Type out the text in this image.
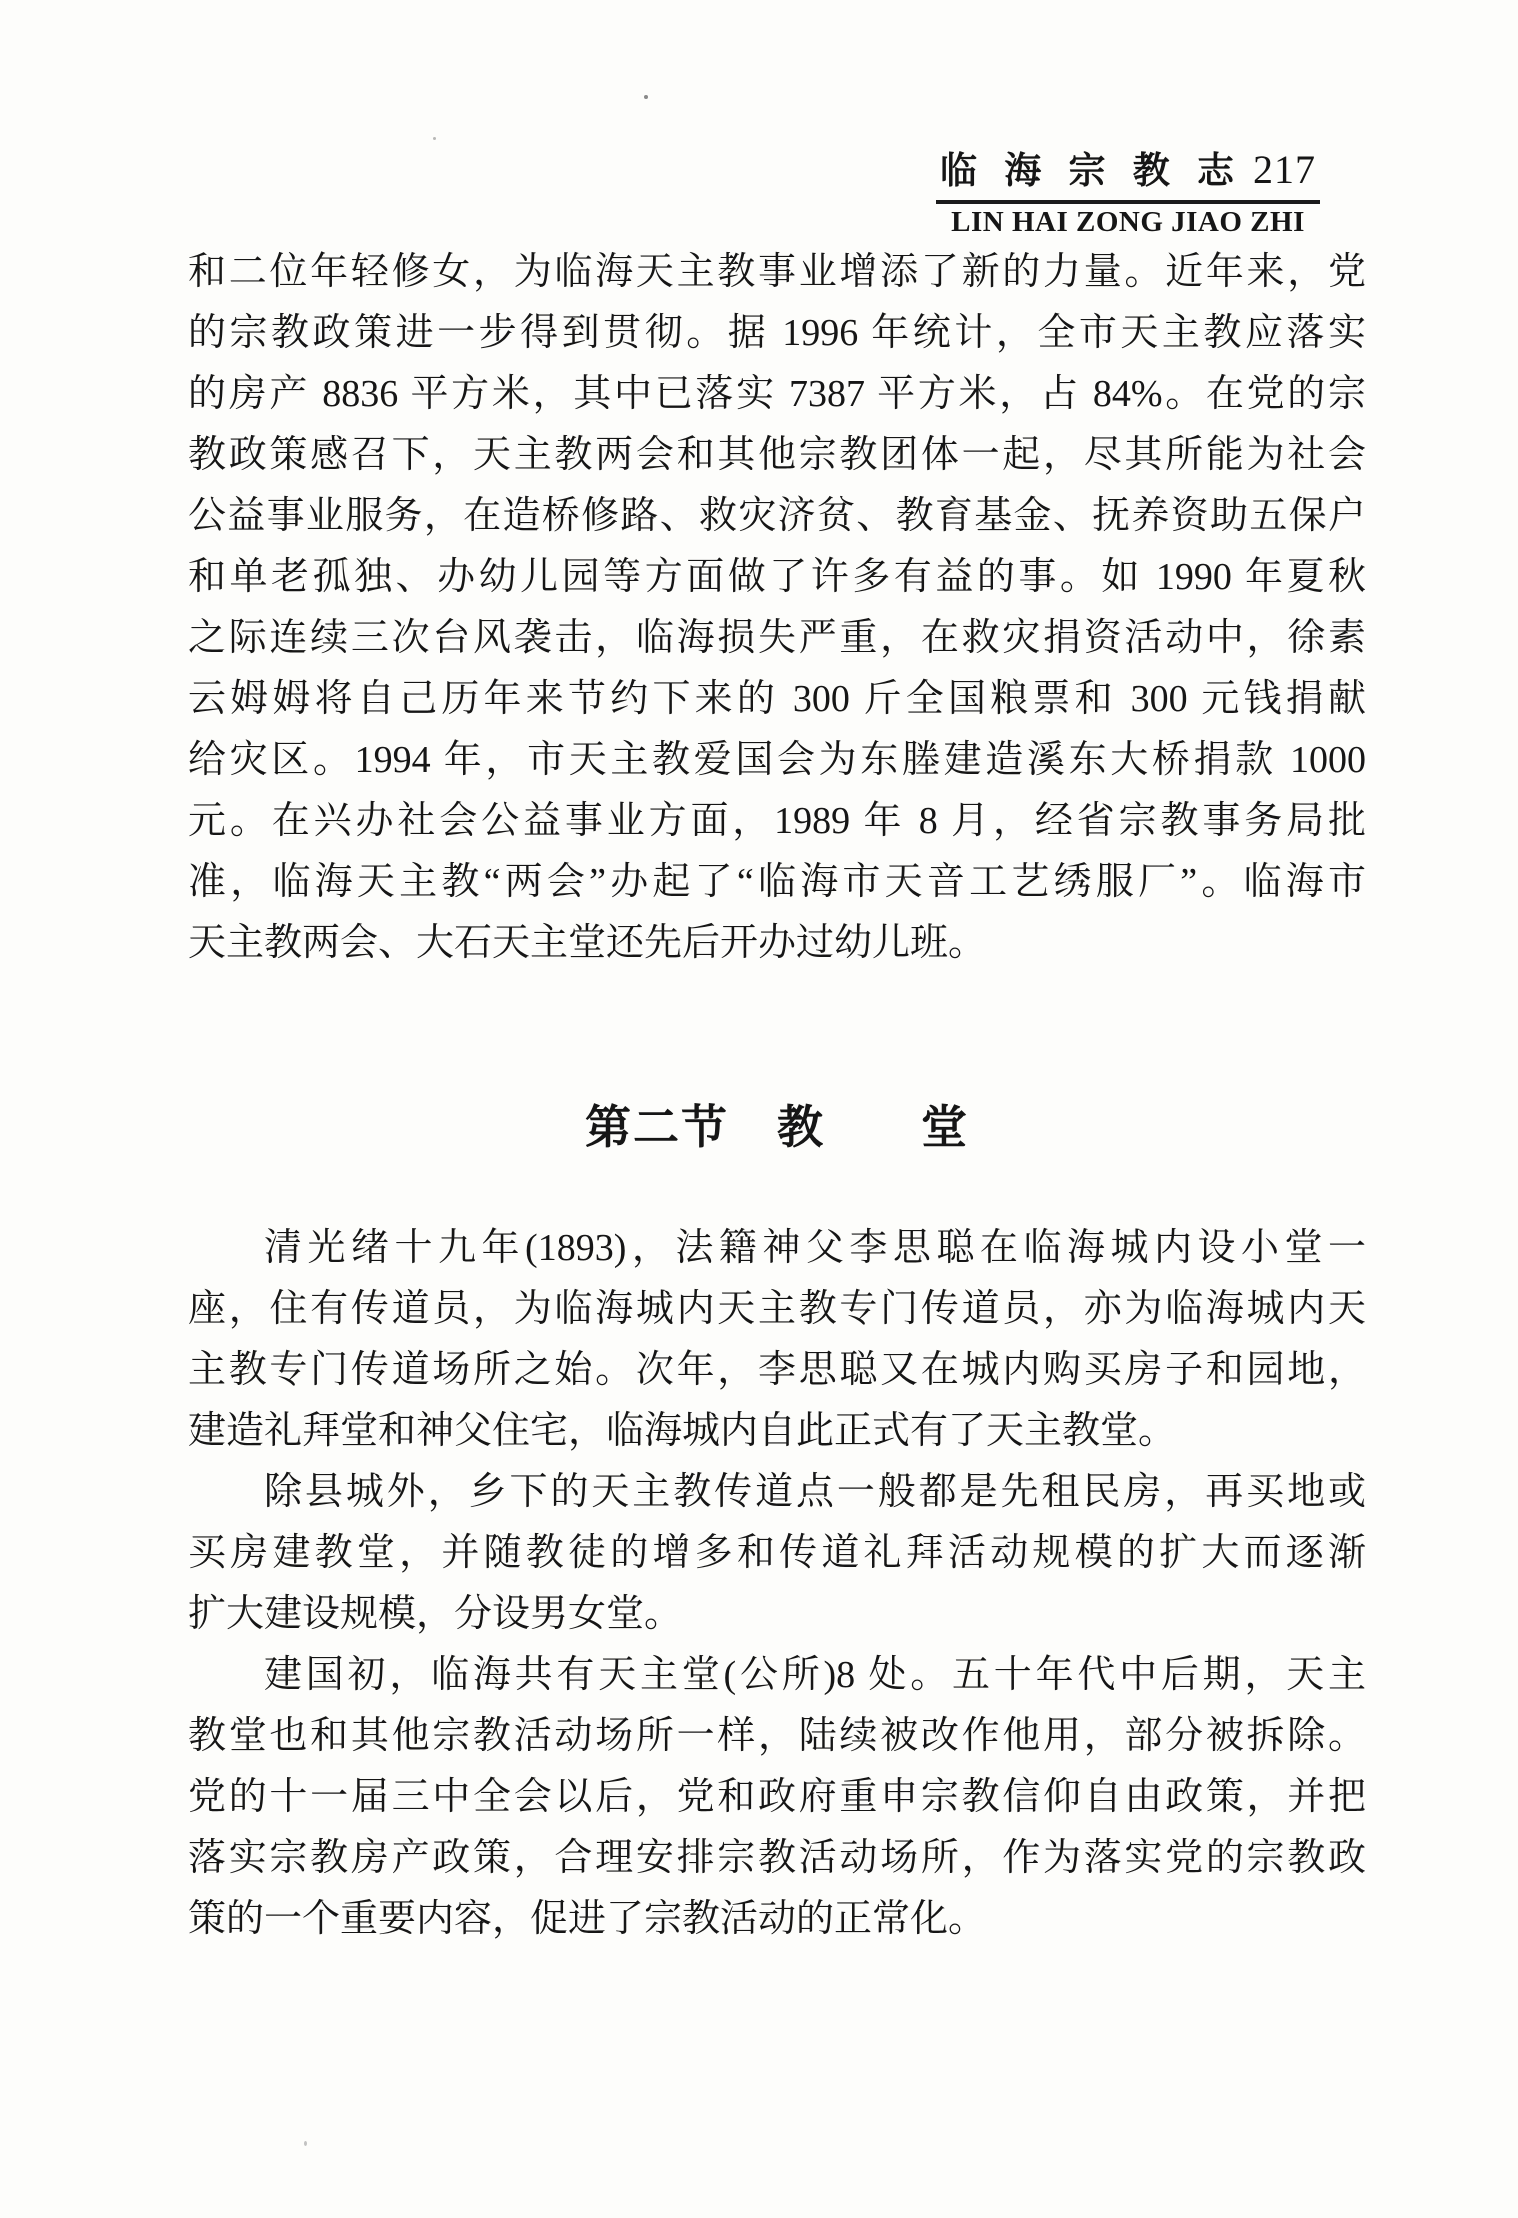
临 海 宗 教 志 217
LIN HAI ZONG JIAO ZHI
和二位年轻修女，为临海天主教事业增添了新的力量。近年来，党
的宗教政策进一步得到贯彻。据 1996 年统计，全市天主教应落实
的房产 8836 平方米，其中已落实 7387 平方米，占 84%。在党的宗
教政策感召下，天主教两会和其他宗教团体一起，尽其所能为社会
公益事业服务，在造桥修路、救灾济贫、教育基金、抚养资助五保户
和单老孤独、办幼儿园等方面做了许多有益的事。如 1990 年夏秋
之际连续三次台风袭击，临海损失严重，在救灾捐资活动中，徐素
云姆姆将自己历年来节约下来的 300 斤全国粮票和 300 元钱捐献
给灾区。1994 年，市天主教爱国会为东塍建造溪东大桥捐款 1000
元。在兴办社会公益事业方面，1989 年 8 月，经省宗教事务局批
准，临海天主教“两会”办起了“临海市天音工艺绣服厂”。临海市
天主教两会、大石天主堂还先后开办过幼儿班。
第二节　教　　堂
清光绪十九年(1893)，法籍神父李思聪在临海城内设小堂一
座，住有传道员，为临海城内天主教专门传道员，亦为临海城内天
主教专门传道场所之始。次年，李思聪又在城内购买房子和园地，
建造礼拜堂和神父住宅，临海城内自此正式有了天主教堂。
除县城外，乡下的天主教传道点一般都是先租民房，再买地或
买房建教堂，并随教徒的增多和传道礼拜活动规模的扩大而逐渐
扩大建设规模，分设男女堂。
建国初，临海共有天主堂(公所)8 处。五十年代中后期，天主
教堂也和其他宗教活动场所一样，陆续被改作他用，部分被拆除。
党的十一届三中全会以后，党和政府重申宗教信仰自由政策，并把
落实宗教房产政策，合理安排宗教活动场所，作为落实党的宗教政
策的一个重要内容，促进了宗教活动的正常化。
